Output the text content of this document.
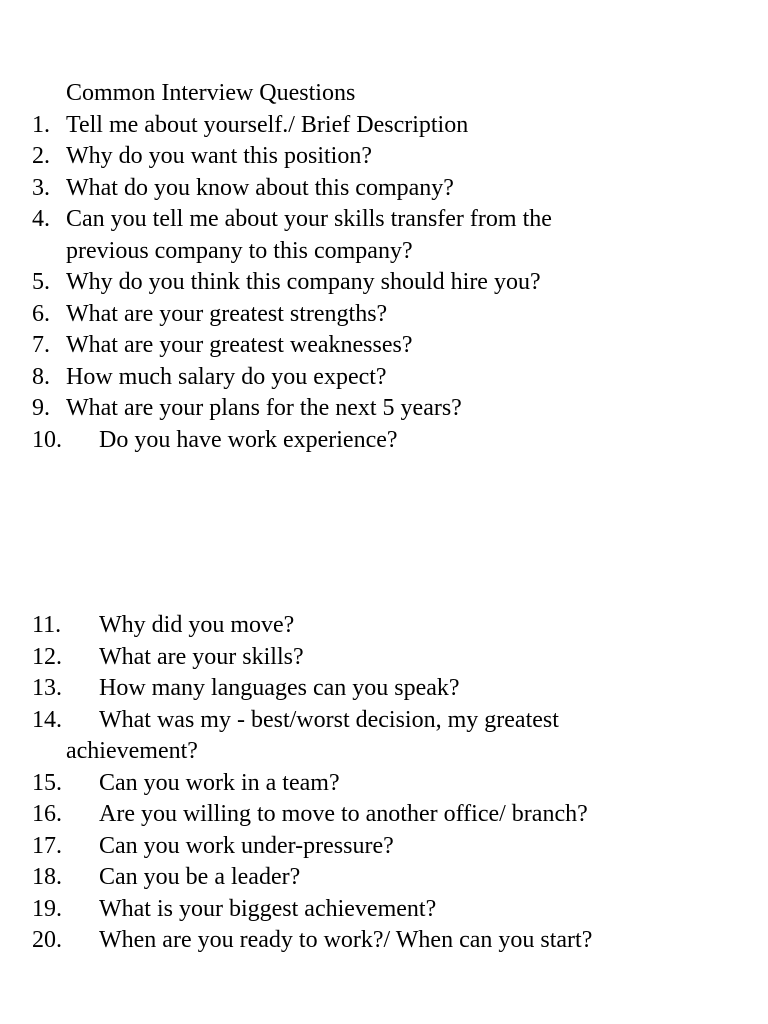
Common Interview Questions
1. Tell me about yourself./ Brief Description
2. Why do you want this position?
3. What do you know about this company?
4. Can you tell me about your skills transfer from the previous company to this company?
5. Why do you think this company should hire you?
6. What are your greatest strengths?
7. What are your greatest weaknesses?
8. How much salary do you expect?
9. What are your plans for the next 5 years?
10.	Do you have work experience?
11.	Why did you move?
12.	What are your skills?
13.	How many languages can you speak?
14.	What was my - best/worst decision, my greatest achievement?
15.	Can you work in a team?
16.	Are you willing to move to another office/ branch?
17.	Can you work under-pressure?
18.	Can you be a leader?
19.	What is your biggest achievement?
20.	When are you ready to work?/ When can you start?
